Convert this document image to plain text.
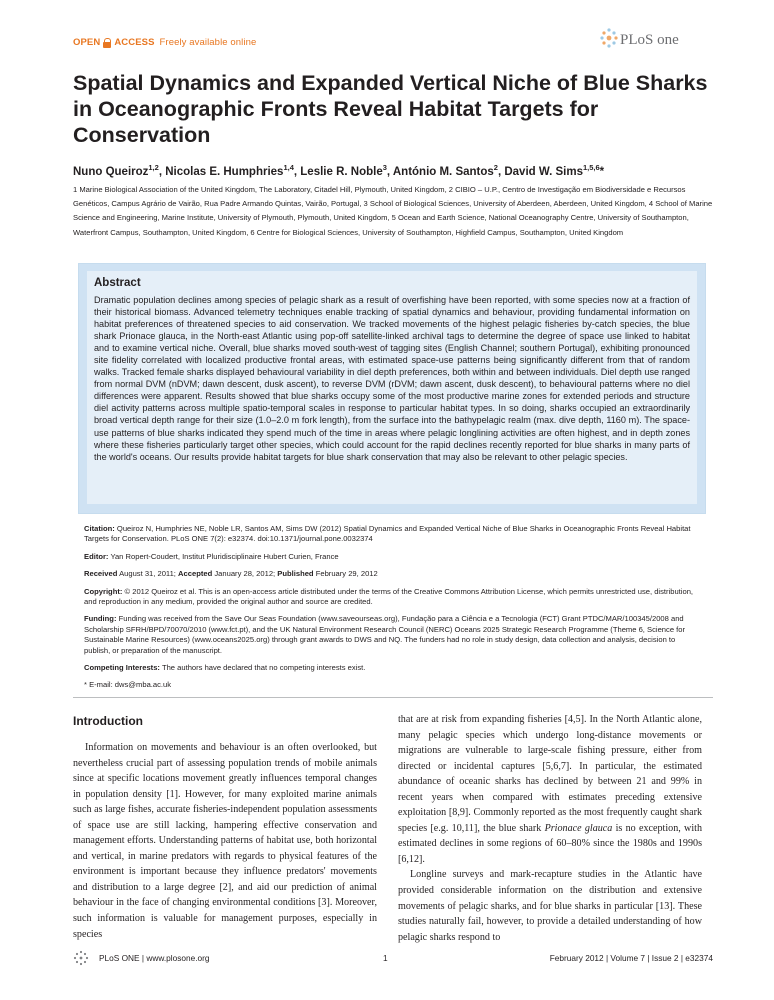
OPEN ACCESS Freely available online	PLoS one
Spatial Dynamics and Expanded Vertical Niche of Blue Sharks in Oceanographic Fronts Reveal Habitat Targets for Conservation
Nuno Queiroz$^{1,2}$, Nicolas E. Humphries$^{1,4}$, Leslie R. Noble$^3$, António M. Santos$^2$, David W. Sims$^{1,5,6}$*
1 Marine Biological Association of the United Kingdom, The Laboratory, Citadel Hill, Plymouth, United Kingdom, 2 CIBIO – U.P., Centro de Investigação em Biodiversidade e Recursos Genéticos, Campus Agrário de Vairão, Rua Padre Armando Quintas, Vairão, Portugal, 3 School of Biological Sciences, University of Aberdeen, Aberdeen, United Kingdom, 4 School of Marine Science and Engineering, Marine Institute, University of Plymouth, Plymouth, United Kingdom, 5 Ocean and Earth Science, National Oceanography Centre, University of Southampton, Waterfront Campus, Southampton, United Kingdom, 6 Centre for Biological Sciences, University of Southampton, Highfield Campus, Southampton, United Kingdom
Abstract
Dramatic population declines among species of pelagic shark as a result of overfishing have been reported, with some species now at a fraction of their historical biomass. Advanced telemetry techniques enable tracking of spatial dynamics and behaviour, providing fundamental information on habitat preferences of threatened species to aid conservation. We tracked movements of the highest pelagic fisheries by-catch species, the blue shark Prionace glauca, in the North-east Atlantic using pop-off satellite-linked archival tags to determine the degree of space use linked to habitat and to examine vertical niche. Overall, blue sharks moved south-west of tagging sites (English Channel; southern Portugal), exhibiting pronounced site fidelity correlated with localized productive frontal areas, with estimated space-use patterns being significantly different from that of random walks. Tracked female sharks displayed behavioural variability in diel depth preferences, both within and between individuals. Diel depth use ranged from normal DVM (nDVM; dawn descent, dusk ascent), to reverse DVM (rDVM; dawn ascent, dusk descent), to behavioural patterns where no diel differences were apparent. Results showed that blue sharks occupy some of the most productive marine zones for extended periods and structure diel activity patterns across multiple spatio-temporal scales in response to particular habitat types. In so doing, sharks occupied an extraordinarily broad vertical depth range for their size (1.0–2.0 m fork length), from the surface into the bathypelagic realm (max. dive depth, 1160 m). The space-use patterns of blue sharks indicated they spend much of the time in areas where pelagic longlining activities are often highest, and in depth zones where these fisheries particularly target other species, which could account for the rapid declines recently reported for blue sharks in many parts of the world's oceans. Our results provide habitat targets for blue shark conservation that may also be relevant to other pelagic species.

Citation: Queiroz N, Humphries NE, Noble LR, Santos AM, Sims DW (2012) Spatial Dynamics and Expanded Vertical Niche of Blue Sharks in Oceanographic Fronts Reveal Habitat Targets for Conservation. PLoS ONE 7(2): e32374. doi:10.1371/journal.pone.0032374

Editor: Yan Ropert-Coudert, Institut Pluridisciplinaire Hubert Curien, France

Received August 31, 2011; Accepted January 28, 2012; Published February 29, 2012

Copyright: © 2012 Queiroz et al. This is an open-access article distributed under the terms of the Creative Commons Attribution License, which permits unrestricted use, distribution, and reproduction in any medium, provided the original author and source are credited.

Funding: Funding was received from the Save Our Seas Foundation (www.saveourseas.org), Fundação para a Ciência e a Tecnologia (FCT) Grant PTDC/MAR/100345/2008 and Scholarship SFRH/BPD/70070/2010 (www.fct.pt), and the UK Natural Environment Research Council (NERC) Oceans 2025 Strategic Research Programme (Theme 6, Science for Sustainable Marine Resources) (www.oceans2025.org) through grant awards to DWS and NQ. The funders had no role in study design, data collection and analysis, decision to publish, or preparation of the manuscript.

Competing Interests: The authors have declared that no competing interests exist.

* E-mail: dws@mba.ac.uk

Introduction
Information on movements and behaviour is an often overlooked, but nevertheless crucial part of assessing population trends of mobile animals since at specific locations movement greatly influences temporal changes in population density [1]. However, for many exploited marine animals such as large fishes, accurate fisheries-independent population assessments of space use are still lacking, hampering effective conservation and management efforts. Understanding patterns of habitat use, both horizontal and vertical, in marine predators with regards to physical features of the environment is important because they influence predators' movements and distribution to a large degree [2], and aid our prediction of animal behaviour in the face of changing environmental conditions [3]. Moreover, such information is valuable for management purposes, especially in species

that are at risk from expanding fisheries [4,5]. In the North Atlantic alone, many pelagic species which undergo long-distance movements or migrations are vulnerable to large-scale fishing pressure, either from directed or incidental captures [5,6,7]. In particular, the estimated abundance of oceanic sharks has declined by between 21 and 99% in recent years when compared with estimates preceding extensive exploitation [8,9]. Commonly reported as the most frequently caught shark species [e.g. 10,11], the blue shark Prionace glauca is no exception, with estimated declines in some regions of 60–80% since the 1980s and 1990s [6,12].

Longline surveys and mark-recapture studies in the Atlantic have provided considerable information on the distribution and extensive movements of pelagic sharks, and for blue sharks in particular [13]. These studies naturally fail, however, to provide a detailed understanding of how pelagic sharks respond to

PLoS ONE | www.plosone.org	1	February 2012 | Volume 7 | Issue 2 | e32374
